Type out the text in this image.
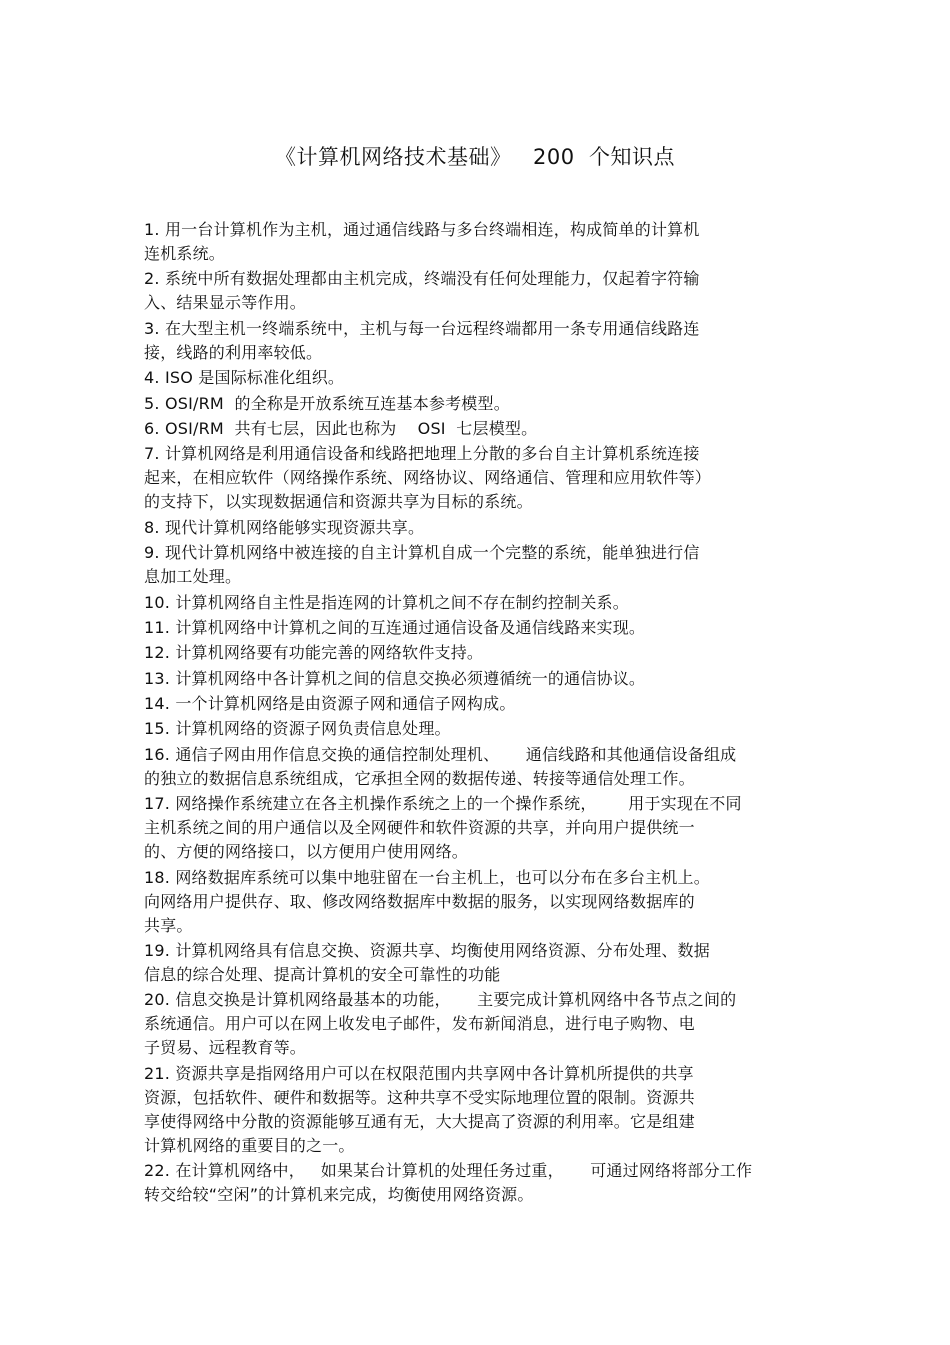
《计算机网络技术基础》   200  个知识点
1. 用一台计算机作为主机，通过通信线路与多台终端相连，构成简单的计算机
连机系统。
2. 系统中所有数据处理都由主机完成，终端没有任何处理能力，仅起着字符输
入、结果显示等作用。
3. 在大型主机一终端系统中，主机与每一台远程终端都用一条专用通信线路连
接，线路的利用率较低。
4. ISO 是国际标准化组织。
5. OSI/RM  的全称是开放系统互连基本参考模型。
6. OSI/RM  共有七层，因此也称为    OSI  七层模型。
7. 计算机网络是利用通信设备和线路把地理上分散的多台自主计算机系统连接
起来，在相应软件（网络操作系统、网络协议、网络通信、管理和应用软件等）
的支持下，以实现数据通信和资源共享为目标的系统。
8. 现代计算机网络能够实现资源共享。
9. 现代计算机网络中被连接的自主计算机自成一个完整的系统，能单独进行信
息加工处理。
10. 计算机网络自主性是指连网的计算机之间不存在制约控制关系。
11. 计算机网络中计算机之间的互连通过通信设备及通信线路来实现。
12. 计算机网络要有功能完善的网络软件支持。
13. 计算机网络中各计算机之间的信息交换必须遵循统一的通信协议。
14. 一个计算机网络是由资源子网和通信子网构成。
15. 计算机网络的资源子网负责信息处理。
16. 通信子网由用作信息交换的通信控制处理机、     通信线路和其他通信设备组成
的独立的数据信息系统组成，它承担全网的数据传递、转接等通信处理工作。
17. 网络操作系统建立在各主机操作系统之上的一个操作系统，      用于实现在不同
主机系统之间的用户通信以及全网硬件和软件资源的共享，并向用户提供统一
的、方便的网络接口，以方便用户使用网络。
18. 网络数据库系统可以集中地驻留在一台主机上，也可以分布在多台主机上。
向网络用户提供存、取、修改网络数据库中数据的服务，以实现网络数据库的
共享。
19. 计算机网络具有信息交换、资源共享、均衡使用网络资源、分布处理、数据
信息的综合处理、提高计算机的安全可靠性的功能
20. 信息交换是计算机网络最基本的功能，     主要完成计算机网络中各节点之间的
系统通信。用户可以在网上收发电子邮件，发布新闻消息，进行电子购物、电
子贸易、远程教育等。
21. 资源共享是指网络用户可以在权限范围内共享网中各计算机所提供的共享
资源，包括软件、硬件和数据等。这种共享不受实际地理位置的限制。资源共
享使得网络中分散的资源能够互通有无，大大提高了资源的利用率。它是组建
计算机网络的重要目的之一。
22. 在计算机网络中，   如果某台计算机的处理任务过重，     可通过网络将部分工作
转交给较“空闲”的计算机来完成，均衡使用网络资源。
